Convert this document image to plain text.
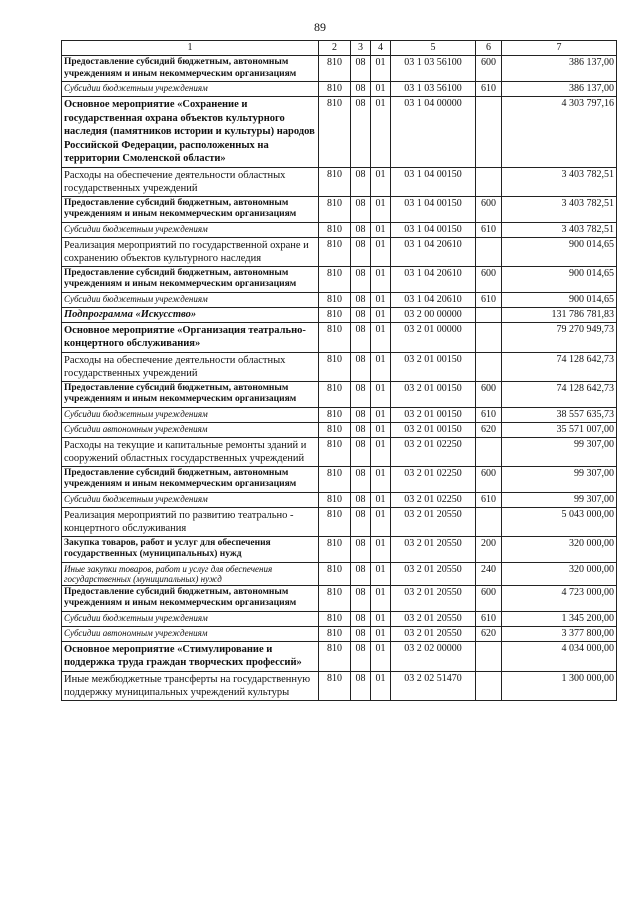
89
1	2	3	4	5	6	7
Предоставление субсидий бюджетным, автономным учреждениям и иным некоммерческим организациям	810	08	01	03 1 03 56100	600	386 137,00
Субсидии бюджетным учреждениям	810	08	01	03 1 03 56100	610	386 137,00
Основное мероприятие «Сохранение и государственная охрана объектов культурного наследия (памятников истории и культуры) народов Российской Федерации, расположенных на территории Смоленской области»	810	08	01	03 1 04 00000		4 303 797,16
Расходы на обеспечение деятельности областных государственных учреждений	810	08	01	03 1 04 00150		3 403 782,51
Предоставление субсидий бюджетным, автономным учреждениям и иным некоммерческим организациям	810	08	01	03 1 04 00150	600	3 403 782,51
Субсидии бюджетным учреждениям	810	08	01	03 1 04 00150	610	3 403 782,51
Реализация мероприятий по государственной охране и сохранению объектов культурного наследия	810	08	01	03 1 04 20610		900 014,65
Предоставление субсидий бюджетным, автономным учреждениям и иным некоммерческим организациям	810	08	01	03 1 04 20610	600	900 014,65
Субсидии бюджетным учреждениям	810	08	01	03 1 04 20610	610	900 014,65
Подпрограмма «Искусство»	810	08	01	03 2 00 00000		131 786 781,83
Основное мероприятие «Организация театрально-концертного обслуживания»	810	08	01	03 2 01 00000		79 270 949,73
Расходы на обеспечение деятельности областных государственных учреждений	810	08	01	03 2 01 00150		74 128 642,73
Предоставление субсидий бюджетным, автономным учреждениям и иным некоммерческим организациям	810	08	01	03 2 01 00150	600	74 128 642,73
Субсидии бюджетным учреждениям	810	08	01	03 2 01 00150	610	38 557 635,73
Субсидии автономным учреждениям	810	08	01	03 2 01 00150	620	35 571 007,00
Расходы на текущие и капитальные ремонты зданий и сооружений областных государственных учреждений	810	08	01	03 2 01 02250		99 307,00
Предоставление субсидий бюджетным, автономным учреждениям и иным некоммерческим организациям	810	08	01	03 2 01 02250	600	99 307,00
Субсидии бюджетным учреждениям	810	08	01	03 2 01 02250	610	99 307,00
Реализация мероприятий по развитию театрально - концертного обслуживания	810	08	01	03 2 01 20550		5 043 000,00
Закупка товаров, работ и услуг для обеспечения государственных (муниципальных) нужд	810	08	01	03 2 01 20550	200	320 000,00
Иные закупки товаров, работ и услуг для обеспечения государственных (муниципальных) нужд	810	08	01	03 2 01 20550	240	320 000,00
Предоставление субсидий бюджетным, автономным учреждениям и иным некоммерческим организациям	810	08	01	03 2 01 20550	600	4 723 000,00
Субсидии бюджетным учреждениям	810	08	01	03 2 01 20550	610	1 345 200,00
Субсидии автономным учреждениям	810	08	01	03 2 01 20550	620	3 377 800,00
Основное мероприятие «Стимулирование и поддержка труда граждан творческих профессий»	810	08	01	03 2 02 00000		4 034 000,00
Иные межбюджетные трансферты на государственную поддержку муниципальных учреждений культуры	810	08	01	03 2 02 51470		1 300 000,00
